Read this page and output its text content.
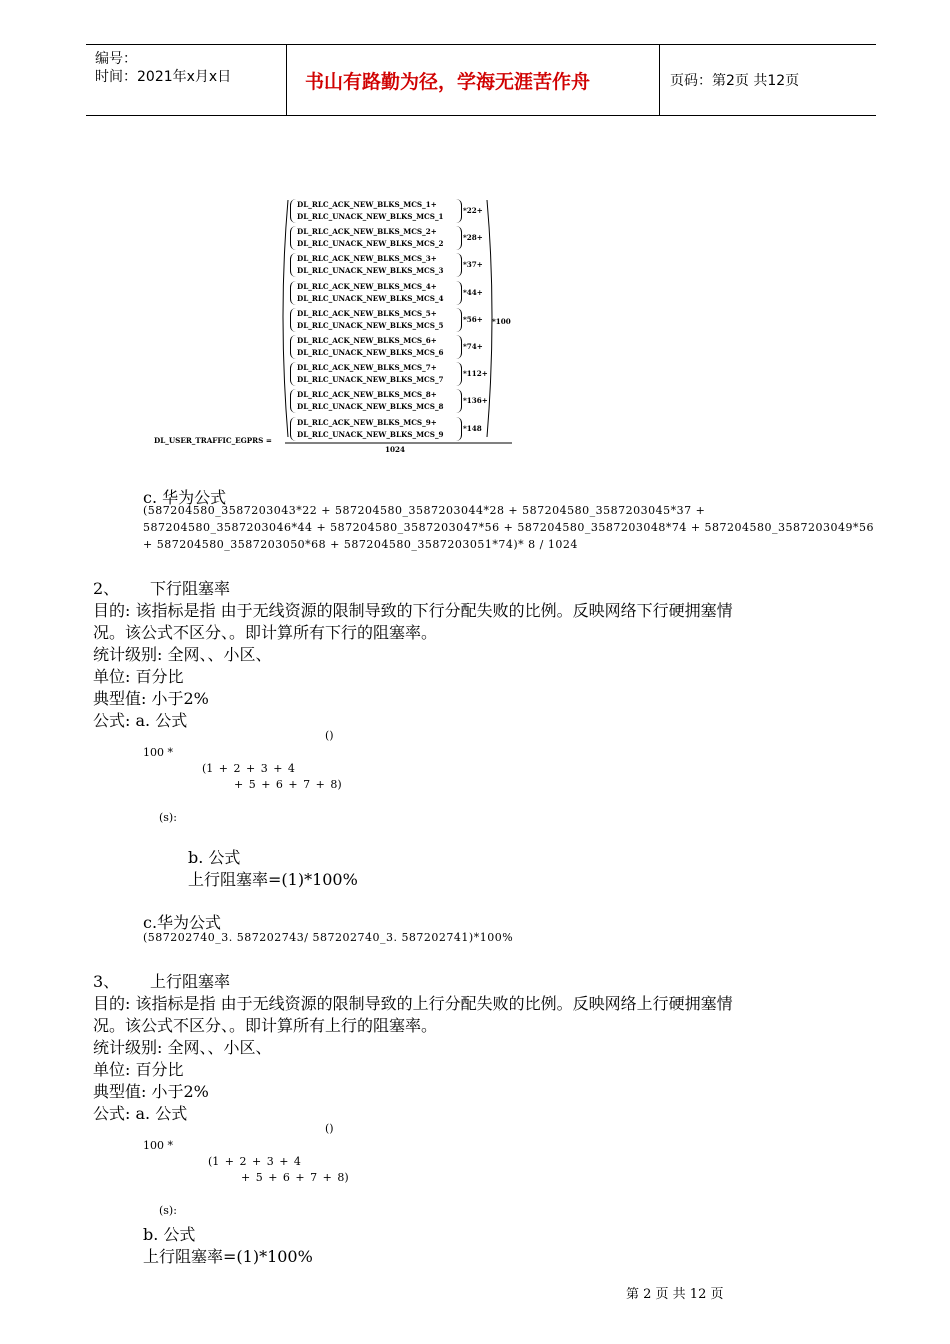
编号：
时间：2021年x月x日	书山有路勤为径，学海无涯苦作舟	页码：第2页 共12页
DL_RLC_ACK_NEW_BLKS_MCS_1+
DL_RLC_UNACK_NEW_BLKS_MCS_1
*22+
DL_RLC_ACK_NEW_BLKS_MCS_2+
DL_RLC_UNACK_NEW_BLKS_MCS_2
*28+
DL_RLC_ACK_NEW_BLKS_MCS_3+
DL_RLC_UNACK_NEW_BLKS_MCS_3
*37+
DL_RLC_ACK_NEW_BLKS_MCS_4+
DL_RLC_UNACK_NEW_BLKS_MCS_4
*44+
DL_RLC_ACK_NEW_BLKS_MCS_5+
DL_RLC_UNACK_NEW_BLKS_MCS_5
*56+
DL_RLC_ACK_NEW_BLKS_MCS_6+
DL_RLC_UNACK_NEW_BLKS_MCS_6
*74+
DL_RLC_ACK_NEW_BLKS_MCS_7+
DL_RLC_UNACK_NEW_BLKS_MCS_7
*112+
DL_RLC_ACK_NEW_BLKS_MCS_8+
DL_RLC_UNACK_NEW_BLKS_MCS_8
*136+
DL_RLC_ACK_NEW_BLKS_MCS_9+
DL_RLC_UNACK_NEW_BLKS_MCS_9
*148
DL_USER_TRAFFIC_EGPRS =
1024
*100
c. 华为公式
(587204580_3587203043*22 + 587204580_3587203044*28 + 587204580_3587203045*37 +
587204580_3587203046*44 + 587204580_3587203047*56 + 587204580_3587203048*74 + 587204580_3587203049*56
+ 587204580_3587203050*68 + 587204580_3587203051*74)* 8 / 1024
2、 下行阻塞率
目的: 该指标是指 由于无线资源的限制导致的下行分配失败的比例。反映网络下行硬拥塞情
况。该公式不区分、。即计算所有下行的阻塞率。
统计级别: 全网、、小区、
单位: 百分比
典型值: 小于2%
公式: a. 公式
()
100 *
(1 + 2 + 3 + 4
+ 5 + 6 + 7 + 8)
(s):
b. 公式
上行阻塞率=(1)*100%
c.华为公式
(587202740_3. 587202743/ 587202740_3. 587202741)*100%
3、 上行阻塞率
目的: 该指标是指 由于无线资源的限制导致的上行分配失败的比例。反映网络上行硬拥塞情
况。该公式不区分、。即计算所有上行的阻塞率。
统计级别: 全网、、小区、
单位: 百分比
典型值: 小于2%
公式: a. 公式
()
100 *
(1 + 2 + 3 + 4
+ 5 + 6 + 7 + 8)
(s):
b. 公式
上行阻塞率=(1)*100%
第 2 页 共 12 页
